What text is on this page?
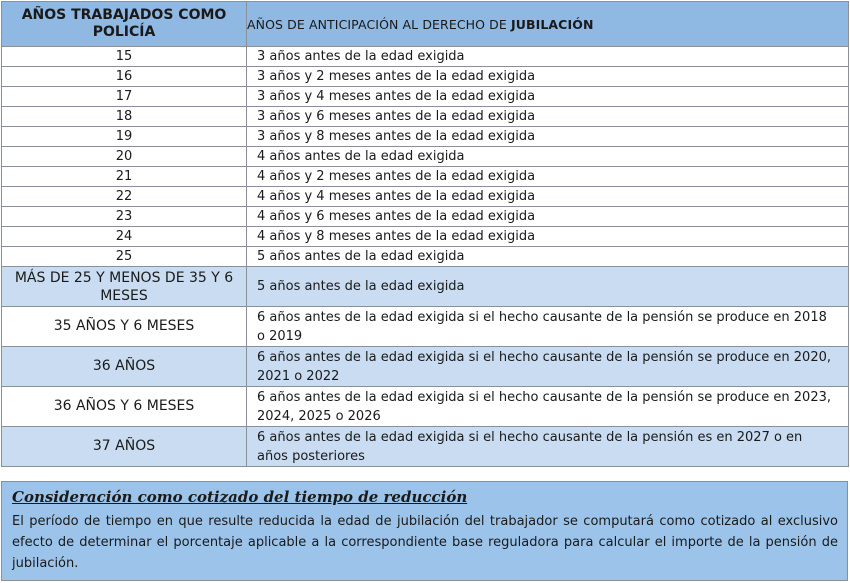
AÑOS TRABAJADOS COMO POLICÍA	AÑOS DE ANTICIPACIÓN AL DERECHO DE JUBILACIÓN
15	3 años antes de la edad exigida
16	3 años y 2 meses antes de la edad exigida
17	3 años y 4 meses antes de la edad exigida
18	3 años y 6 meses antes de la edad exigida
19	3 años y 8 meses antes de la edad exigida
20	4 años antes de la edad exigida
21	4 años y 2 meses antes de la edad exigida
22	4 años y 4 meses antes de la edad exigida
23	4 años y 6 meses antes de la edad exigida
24	4 años y 8 meses antes de la edad exigida
25	5 años antes de la edad exigida
MÁS DE 25 Y MENOS DE 35 Y 6 MESES	5 años antes de la edad exigida
35 AÑOS Y 6 MESES	6 años antes de la edad exigida si el hecho causante de la pensión se produce en 2018 o 2019
36 AÑOS	6 años antes de la edad exigida si el hecho causante de la pensión se produce en 2020, 2021 o 2022
36 AÑOS Y 6 MESES	6 años antes de la edad exigida si el hecho causante de la pensión se produce en 2023, 2024, 2025 o 2026
37 AÑOS	6 años antes de la edad exigida si el hecho causante de la pensión es en 2027 o en años posteriores
Consideración como cotizado del tiempo de reducción
El período de tiempo en que resulte reducida la edad de jubilación del trabajador se computará como cotizado al exclusivo efecto de determinar el porcentaje aplicable a la correspondiente base reguladora para calcular el importe de la pensión de jubilación.
